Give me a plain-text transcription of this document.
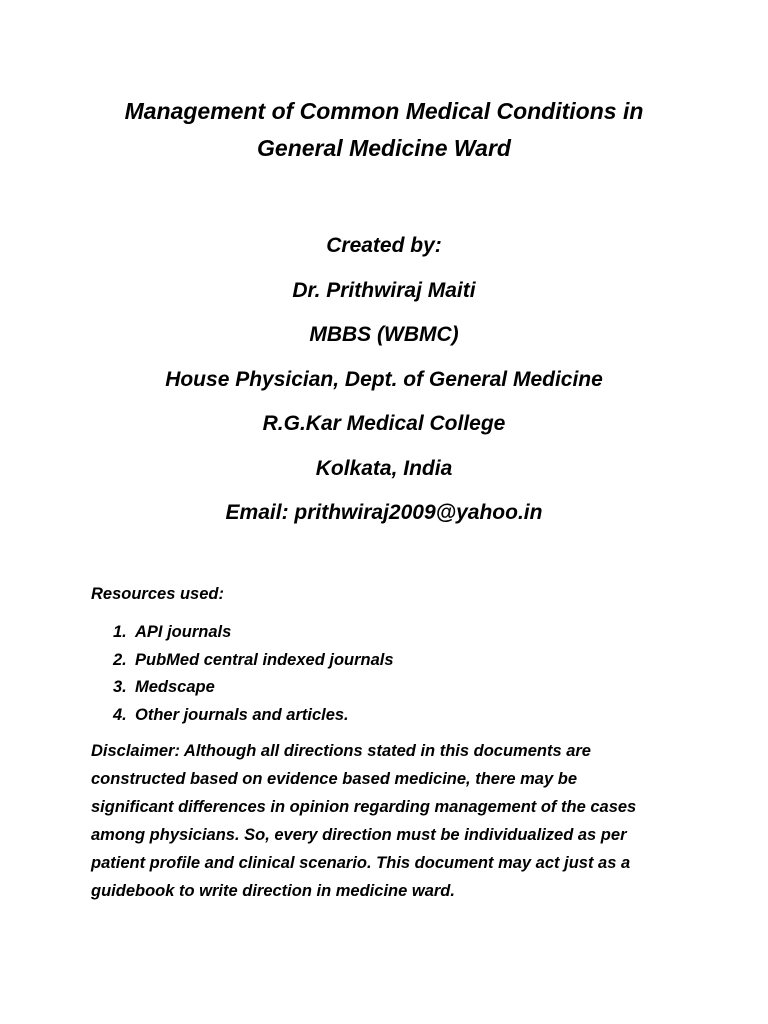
Management of Common Medical Conditions in
General Medicine Ward
Created by:
Dr. Prithwiraj Maiti
MBBS (WBMC)
House Physician, Dept. of General Medicine
R.G.Kar Medical College
Kolkata, India
Email: prithwiraj2009@yahoo.in

Resources used:

1. API journals
2. PubMed central indexed journals
3. Medscape
4. Other journals and articles.
Disclaimer: Although all directions stated in this documents are
constructed based on evidence based medicine, there may be
significant differences in opinion regarding management of the cases
among physicians. So, every direction must be individualized as per
patient profile and clinical scenario. This document may act just as a
guidebook to write direction in medicine ward.
